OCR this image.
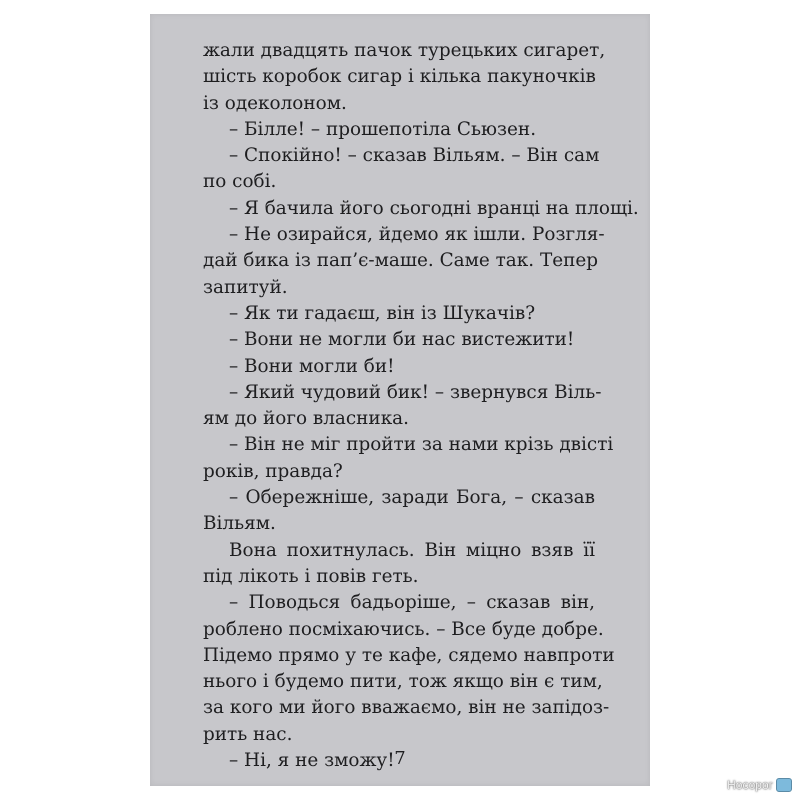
жали двадцять пачок турецьких сигарет,
шість коробок сигар і кілька пакуночків
із одеколоном.
– Білле! – прошепотіла Сьюзен.
– Спокійно! – сказав Вільям. – Він сам
по собі.
– Я бачила його сьогодні вранці на площі.
– Не озирайся, йдемо як ішли. Розгля-
дай бика із пап’є-маше. Саме так. Тепер
запитуй.
– Як ти гадаєш, він із Шукачів?
– Вони не могли би нас вистежити!
– Вони могли би!
– Який чудовий бик! – звернувся Віль-
ям до його власника.
– Він не міг пройти за нами крізь двісті
років, правда?
– Обережніше, заради Бога, – сказав
Вільям.
Вона похитнулась. Він міцно взяв її
під лікоть і повів геть.
– Поводься бадьоріше, – сказав він,
роблено посміхаючись. – Все буде добре.
Підемо прямо у те кафе, сядемо навпроти
нього і будемо пити, тож якщо він є тим,
за кого ми його вважаємо, він не запідоз-
рить нас.
– Ні, я не зможу! 7
Носорог
